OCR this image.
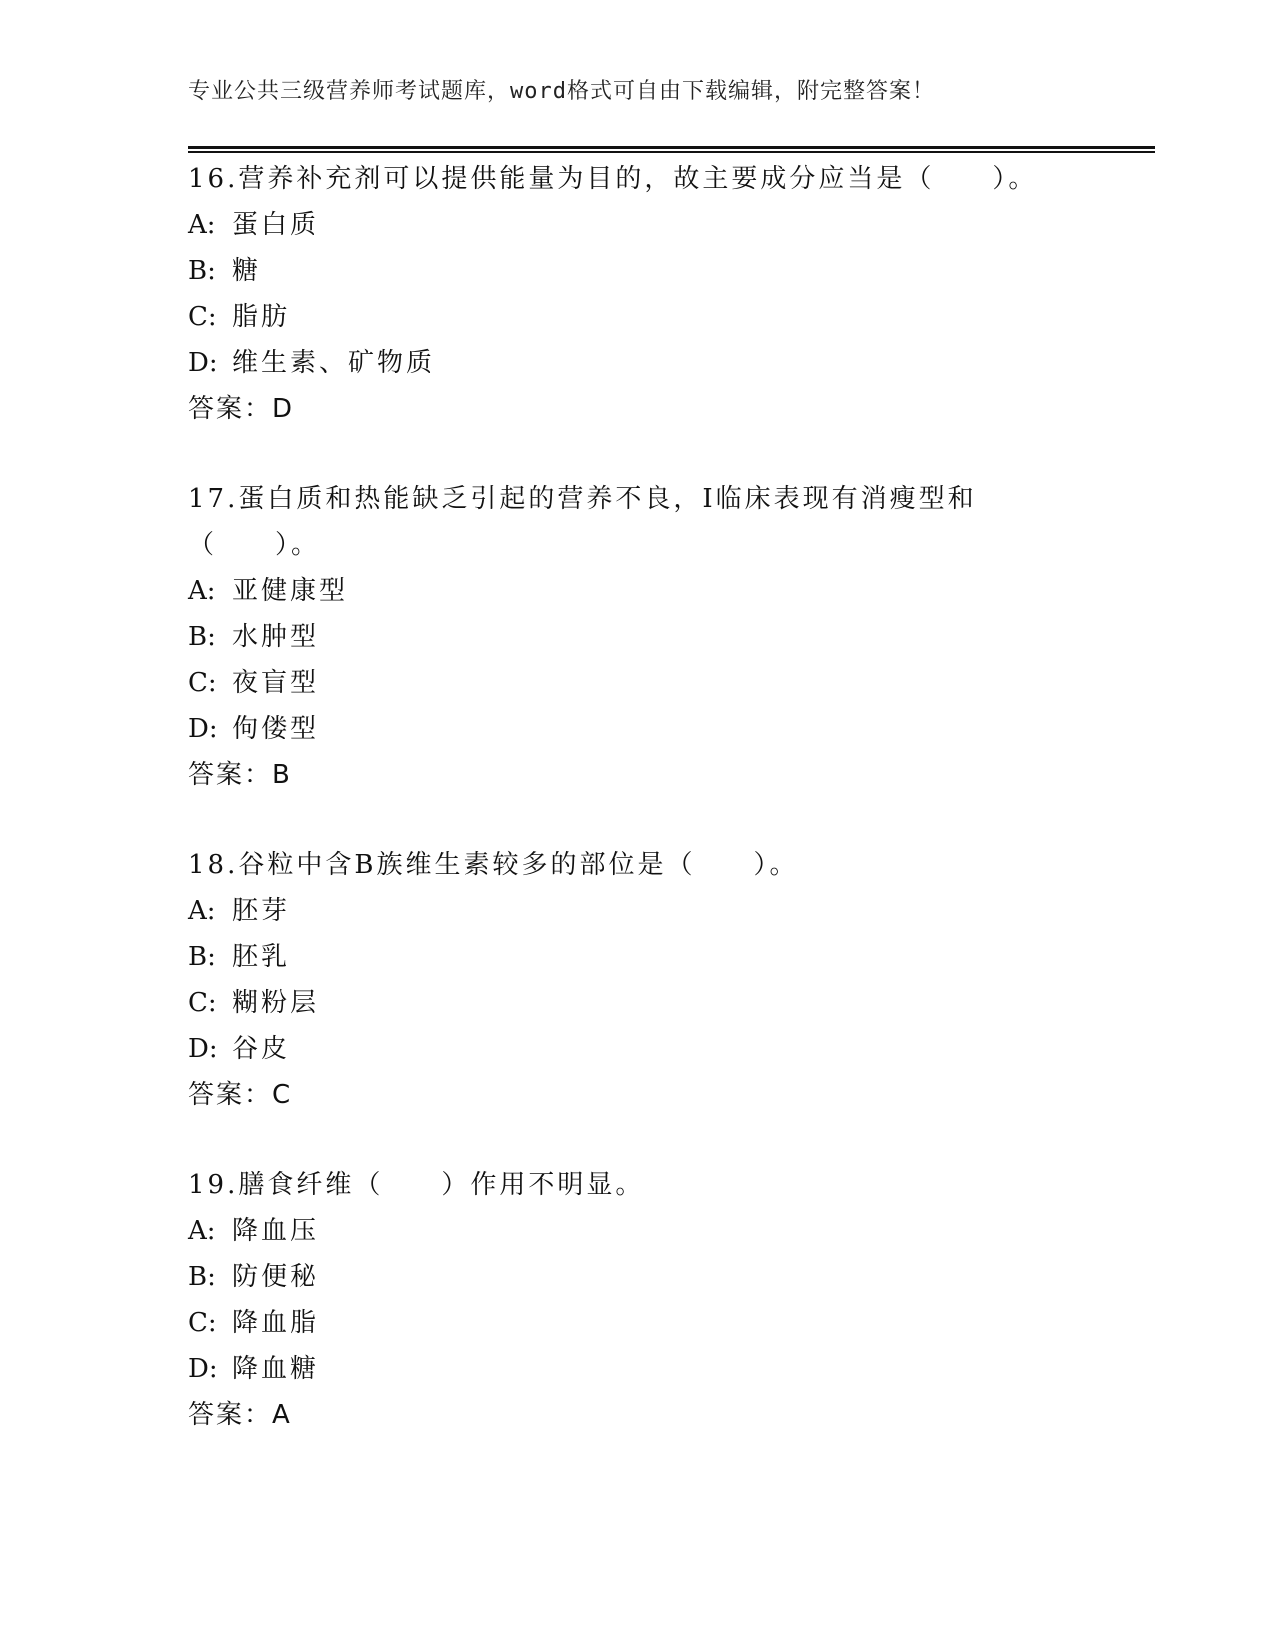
专业公共三级营养师考试题库，word格式可自由下载编辑，附完整答案！
16.营养补充剂可以提供能量为目的，故主要成分应当是（　　）。
A: 蛋白质
B: 糖
C: 脂肪
D: 维生素、矿物质
答案：D
17.蛋白质和热能缺乏引起的营养不良，I临床表现有消瘦型和（　　）。
A: 亚健康型
B: 水肿型
C: 夜盲型
D: 佝偻型
答案：B
18.谷粒中含B族维生素较多的部位是（　　）。
A: 胚芽
B: 胚乳
C: 糊粉层
D: 谷皮
答案：C
19.膳食纤维（　　）作用不明显。
A: 降血压
B: 防便秘
C: 降血脂
D: 降血糖
答案：A
